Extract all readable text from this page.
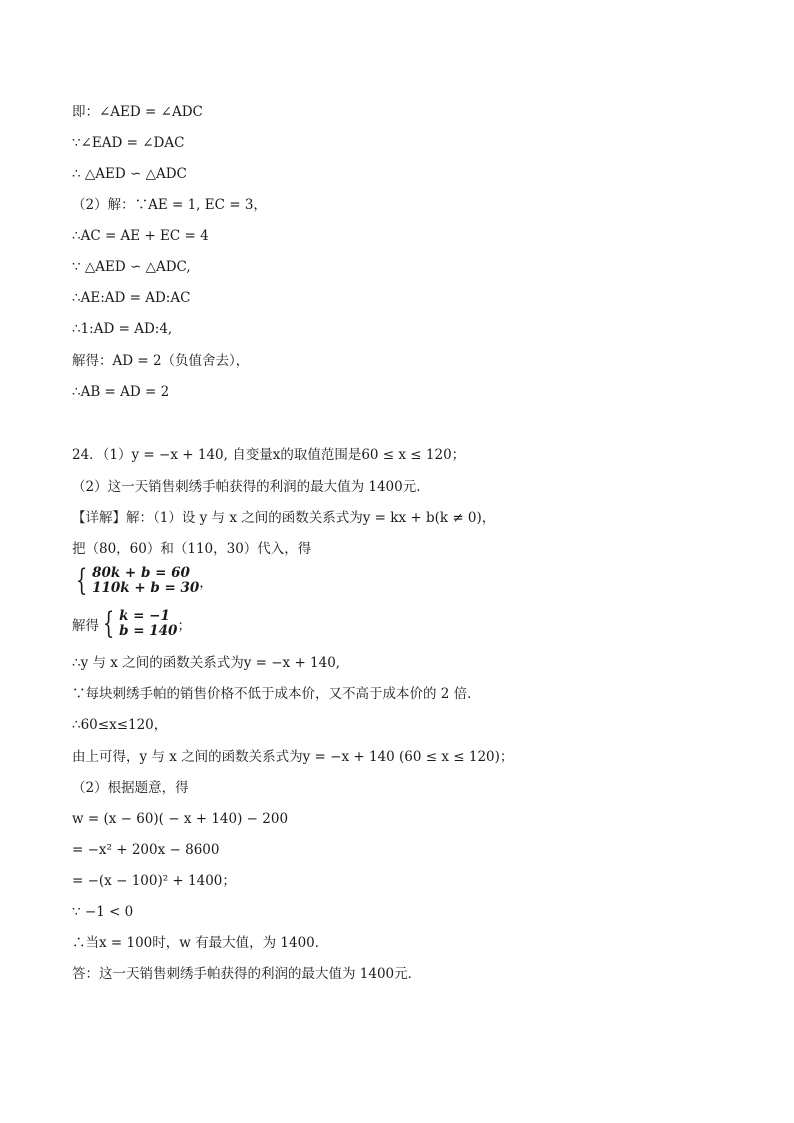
即：∠AED = ∠ADC
∵∠EAD = ∠DAC
∴ △AED ∽ △ADC
（2）解：∵AE = 1, EC = 3，
∴AC = AE + EC = 4
∵ △AED ∽ △ADC,
∴AE:AD = AD:AC
∴1:AD = AD:4,
解得：AD = 2（负值舍去），
∴AB = AD = 2
24．（1）y = −x + 140, 自变量x的取值范围是60 ≤ x ≤ 120；
（2）这一天销售刺绣手帕获得的利润的最大值为 1400元．
【详解】解：（1）设 y 与 x 之间的函数关系式为y = kx + b(k ≠ 0)，
把（80，60）和（110，30）代入，得
{ 80k + b = 60
110k + b = 30 ，
解得 { k = −1
b = 140 ；
∴y 与 x 之间的函数关系式为y = −x + 140,
∵每块刺绣手帕的销售价格不低于成本价，又不高于成本价的 2 倍．
∴60≤x≤120，
由上可得，y 与 x 之间的函数关系式为y = −x + 140 (60 ≤ x ≤ 120)；
（2）根据题意，得
w = (x − 60)( − x + 140) − 200
= −x² + 200x − 8600
= −(x − 100)² + 1400；
∵ −1 < 0
∴当x = 100时，w 有最大值，为 1400．
答：这一天销售刺绣手帕获得的利润的最大值为 1400元．
